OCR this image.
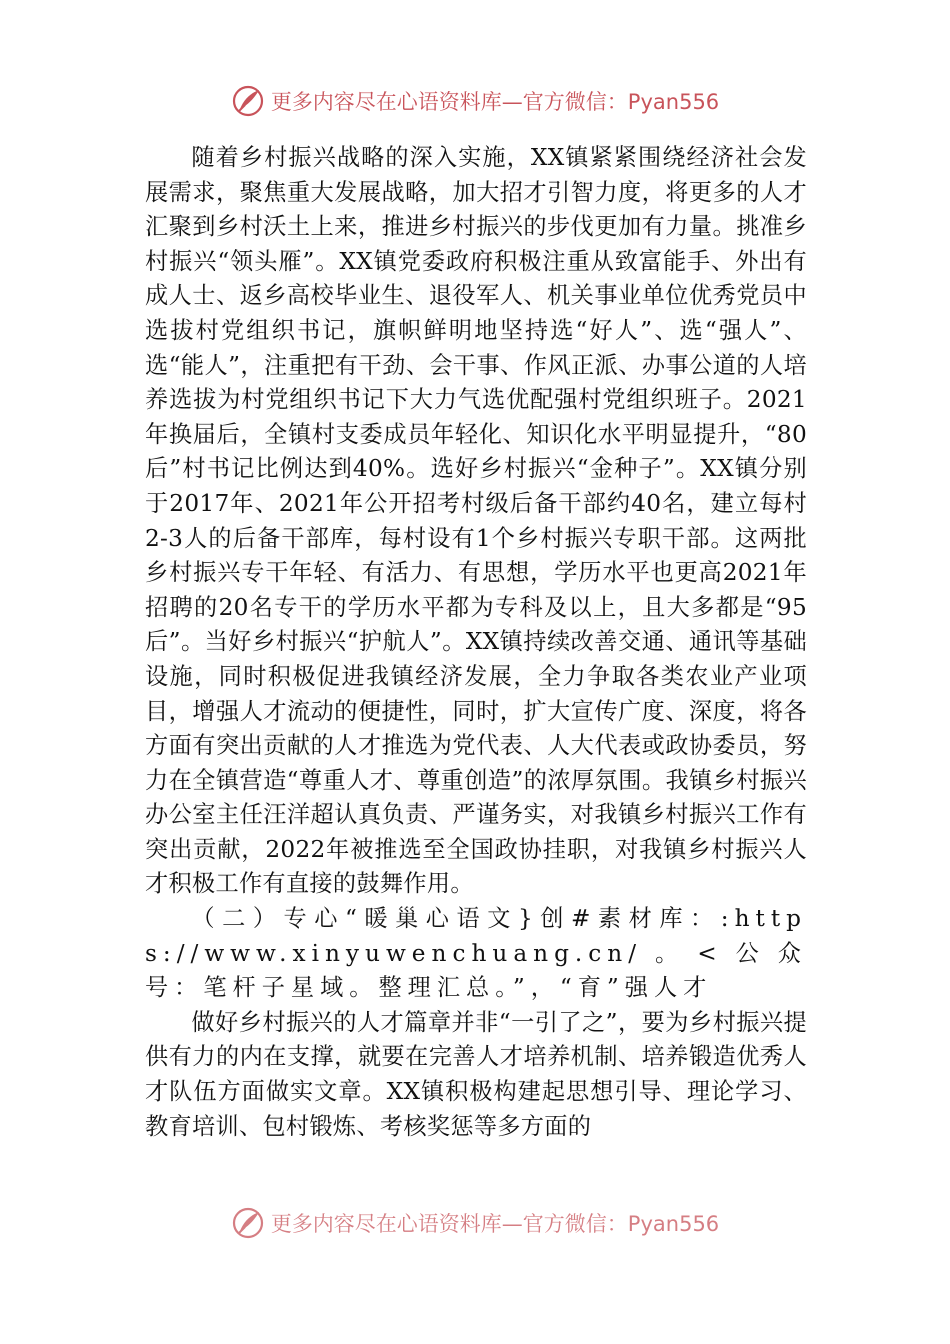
更多内容尽在心语资料库—官方微信：Pyan556

随着乡村振兴战略的深入实施，XX镇紧紧围绕经济社会发展需求，聚焦重大发展战略，加大招才引智力度，将更多的人才汇聚到乡村沃土上来，推进乡村振兴的步伐更加有力量。挑准乡村振兴“领头雁”。XX镇党委政府积极注重从致富能手、外出有成人士、返乡高校毕业生、退役军人、机关事业单位优秀党员中选拔村党组织书记，旗帜鲜明地坚持选“好人”、选“强人”、选“能人”，注重把有干劲、会干事、作风正派、办事公道的人培养选拔为村党组织书记下大力气选优配强村党组织班子。2021年换届后，全镇村支委成员年轻化、知识化水平明显提升，“80后”村书记比例达到40%。选好乡村振兴“金种子”。XX镇分别于2017年、2021年公开招考村级后备干部约40名，建立每村2-3人的后备干部库，每村设有1个乡村振兴专职干部。这两批乡村振兴专干年轻、有活力、有思想，学历水平也更高2021年招聘的20名专干的学历水平都为专科及以上，且大多都是“95后”。当好乡村振兴“护航人”。XX镇持续改善交通、通讯等基础设施，同时积极促进我镇经济发展，全力争取各类农业产业项目，增强人才流动的便捷性，同时，扩大宣传广度、深度，将各方面有突出贡献的人才推选为党代表、人大代表或政协委员，努力在全镇营造“尊重人才、尊重创造”的浓厚氛围。我镇乡村振兴办公室主任汪洋超认真负责、严谨务实，对我镇乡村振兴工作有突出贡献，2022年被推选至全国政协挂职，对我镇乡村振兴人才积极工作有直接的鼓舞作用。

（二）专心“暖巢心语文}创#素材库：:https://www.xinyuwenchuang.cn/。<公众号：笔杆子星域。整理汇总。”，“育”强人才

做好乡村振兴的人才篇章并非“一引了之”，要为乡村振兴提供有力的内在支撑，就要在完善人才培养机制、培养锻造优秀人才队伍方面做实文章。XX镇积极构建起思想引导、理论学习、教育培训、包村锻炼、考核奖惩等多方面的

更多内容尽在心语资料库—官方微信：Pyan556
